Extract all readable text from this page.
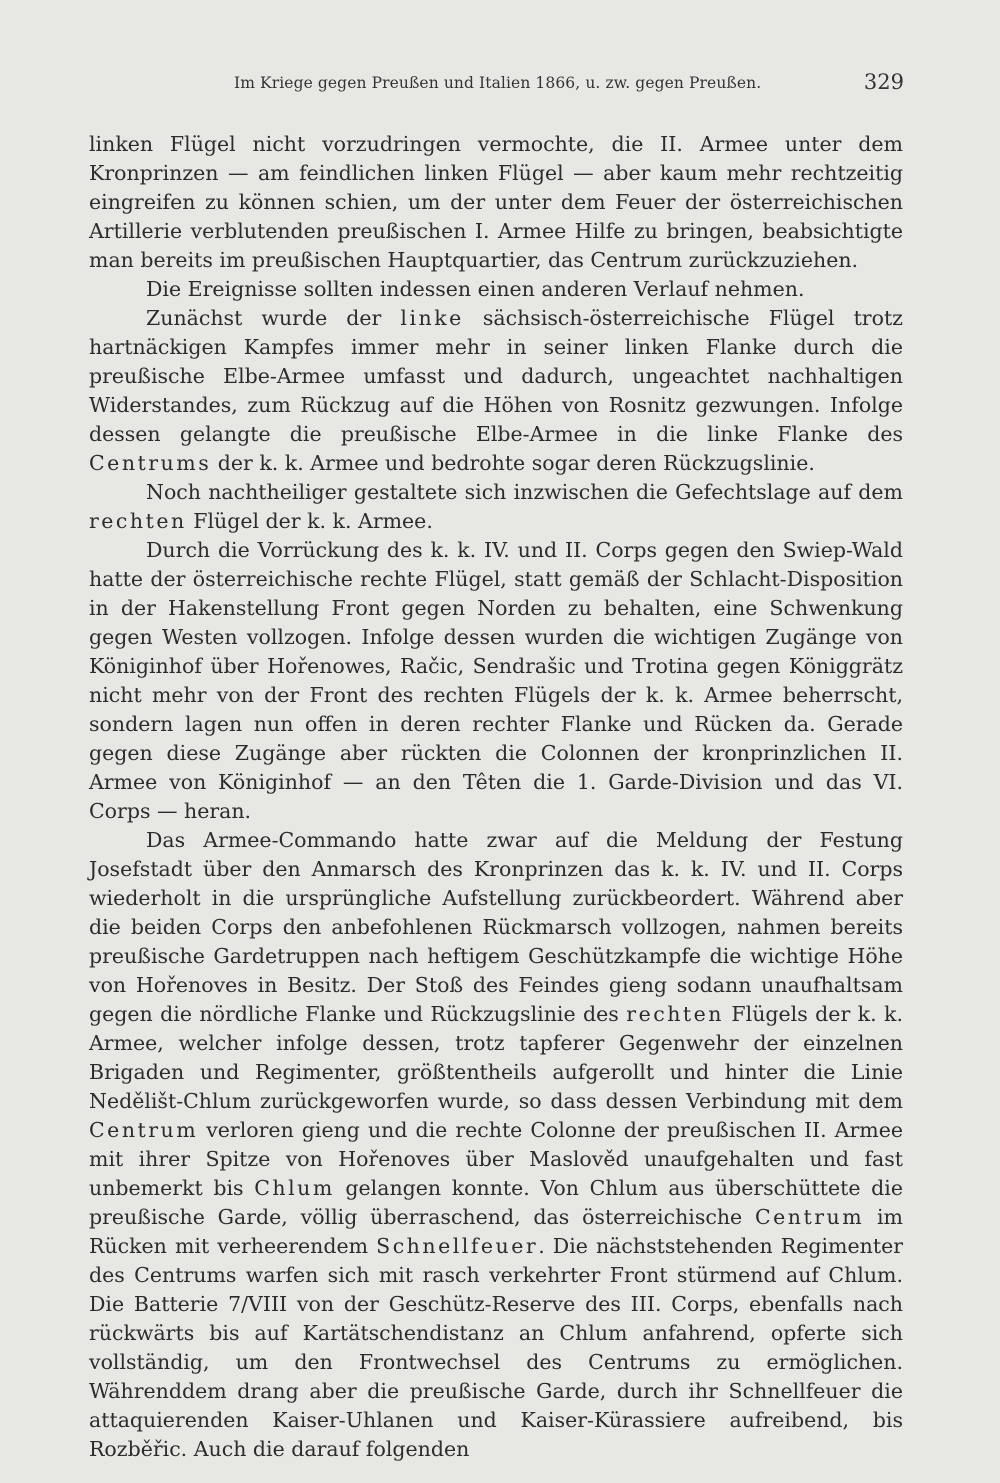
Im Kriege gegen Preußen und Italien 1866, u. zw. gegen Preußen.	329

linken Flügel nicht vorzudringen vermochte, die II. Armee unter dem Kronprinzen — am feindlichen linken Flügel — aber kaum mehr rechtzeitig eingreifen zu können schien, um der unter dem Feuer der österreichischen Artillerie verblutenden preußischen I. Armee Hilfe zu bringen, beabsichtigte man bereits im preußischen Hauptquartier, das Centrum zurückzuziehen.

Die Ereignisse sollten indessen einen anderen Verlauf nehmen.

Zunächst wurde der linke sächsisch-österreichische Flügel trotz hartnäckigen Kampfes immer mehr in seiner linken Flanke durch die preußische Elbe-Armee umfasst und dadurch, ungeachtet nachhaltigen Widerstandes, zum Rückzug auf die Höhen von Rosnitz gezwungen. Infolge dessen gelangte die preußische Elbe-Armee in die linke Flanke des Centrums der k. k. Armee und bedrohte sogar deren Rückzugslinie.

Noch nachtheiliger gestaltete sich inzwischen die Gefechtslage auf dem rechten Flügel der k. k. Armee.

Durch die Vorrückung des k. k. IV. und II. Corps gegen den Swiep-Wald hatte der österreichische rechte Flügel, statt gemäß der Schlacht-Disposition in der Hakenstellung Front gegen Norden zu behalten, eine Schwenkung gegen Westen vollzogen. Infolge dessen wurden die wichtigen Zugänge von Königinhof über Hořenowes, Račic, Sendrašic und Trotina gegen Königgrätz nicht mehr von der Front des rechten Flügels der k. k. Armee beherrscht, sondern lagen nun offen in deren rechter Flanke und Rücken da. Gerade gegen diese Zugänge aber rückten die Colonnen der kronprinzlichen II. Armee von Königinhof — an den Têten die 1. Garde-Division und das VI. Corps — heran.

Das Armee-Commando hatte zwar auf die Meldung der Festung Josefstadt über den Anmarsch des Kronprinzen das k. k. IV. und II. Corps wiederholt in die ursprüngliche Aufstellung zurückbeordert. Während aber die beiden Corps den anbefohlenen Rückmarsch vollzogen, nahmen bereits preußische Gardetruppen nach heftigem Geschützkampfe die wichtige Höhe von Hořenoves in Besitz. Der Stoß des Feindes gieng sodann unaufhaltsam gegen die nördliche Flanke und Rückzugslinie des rechten Flügels der k. k. Armee, welcher infolge dessen, trotz tapferer Gegenwehr der einzelnen Brigaden und Regimenter, größtentheils aufgerollt und hinter die Linie Nedělišt-Chlum zurückgeworfen wurde, so dass dessen Verbindung mit dem Centrum verloren gieng und die rechte Colonne der preußischen II. Armee mit ihrer Spitze von Hořenoves über Maslověd unaufgehalten und fast unbemerkt bis Chlum gelangen konnte. Von Chlum aus überschüttete die preußische Garde, völlig überraschend, das österreichische Centrum im Rücken mit verheerendem Schnellfeuer. Die nächststehenden Regimenter des Centrums warfen sich mit rasch verkehrter Front stürmend auf Chlum. Die Batterie 7/VIII von der Geschütz-Reserve des III. Corps, ebenfalls nach rückwärts bis auf Kartätschendistanz an Chlum anfahrend, opferte sich vollständig, um den Frontwechsel des Centrums zu ermöglichen. Währenddem drang aber die preußische Garde, durch ihr Schnellfeuer die attaquierenden Kaiser-Uhlanen und Kaiser-Kürassiere aufreibend, bis Rozběřic. Auch die darauf folgenden
